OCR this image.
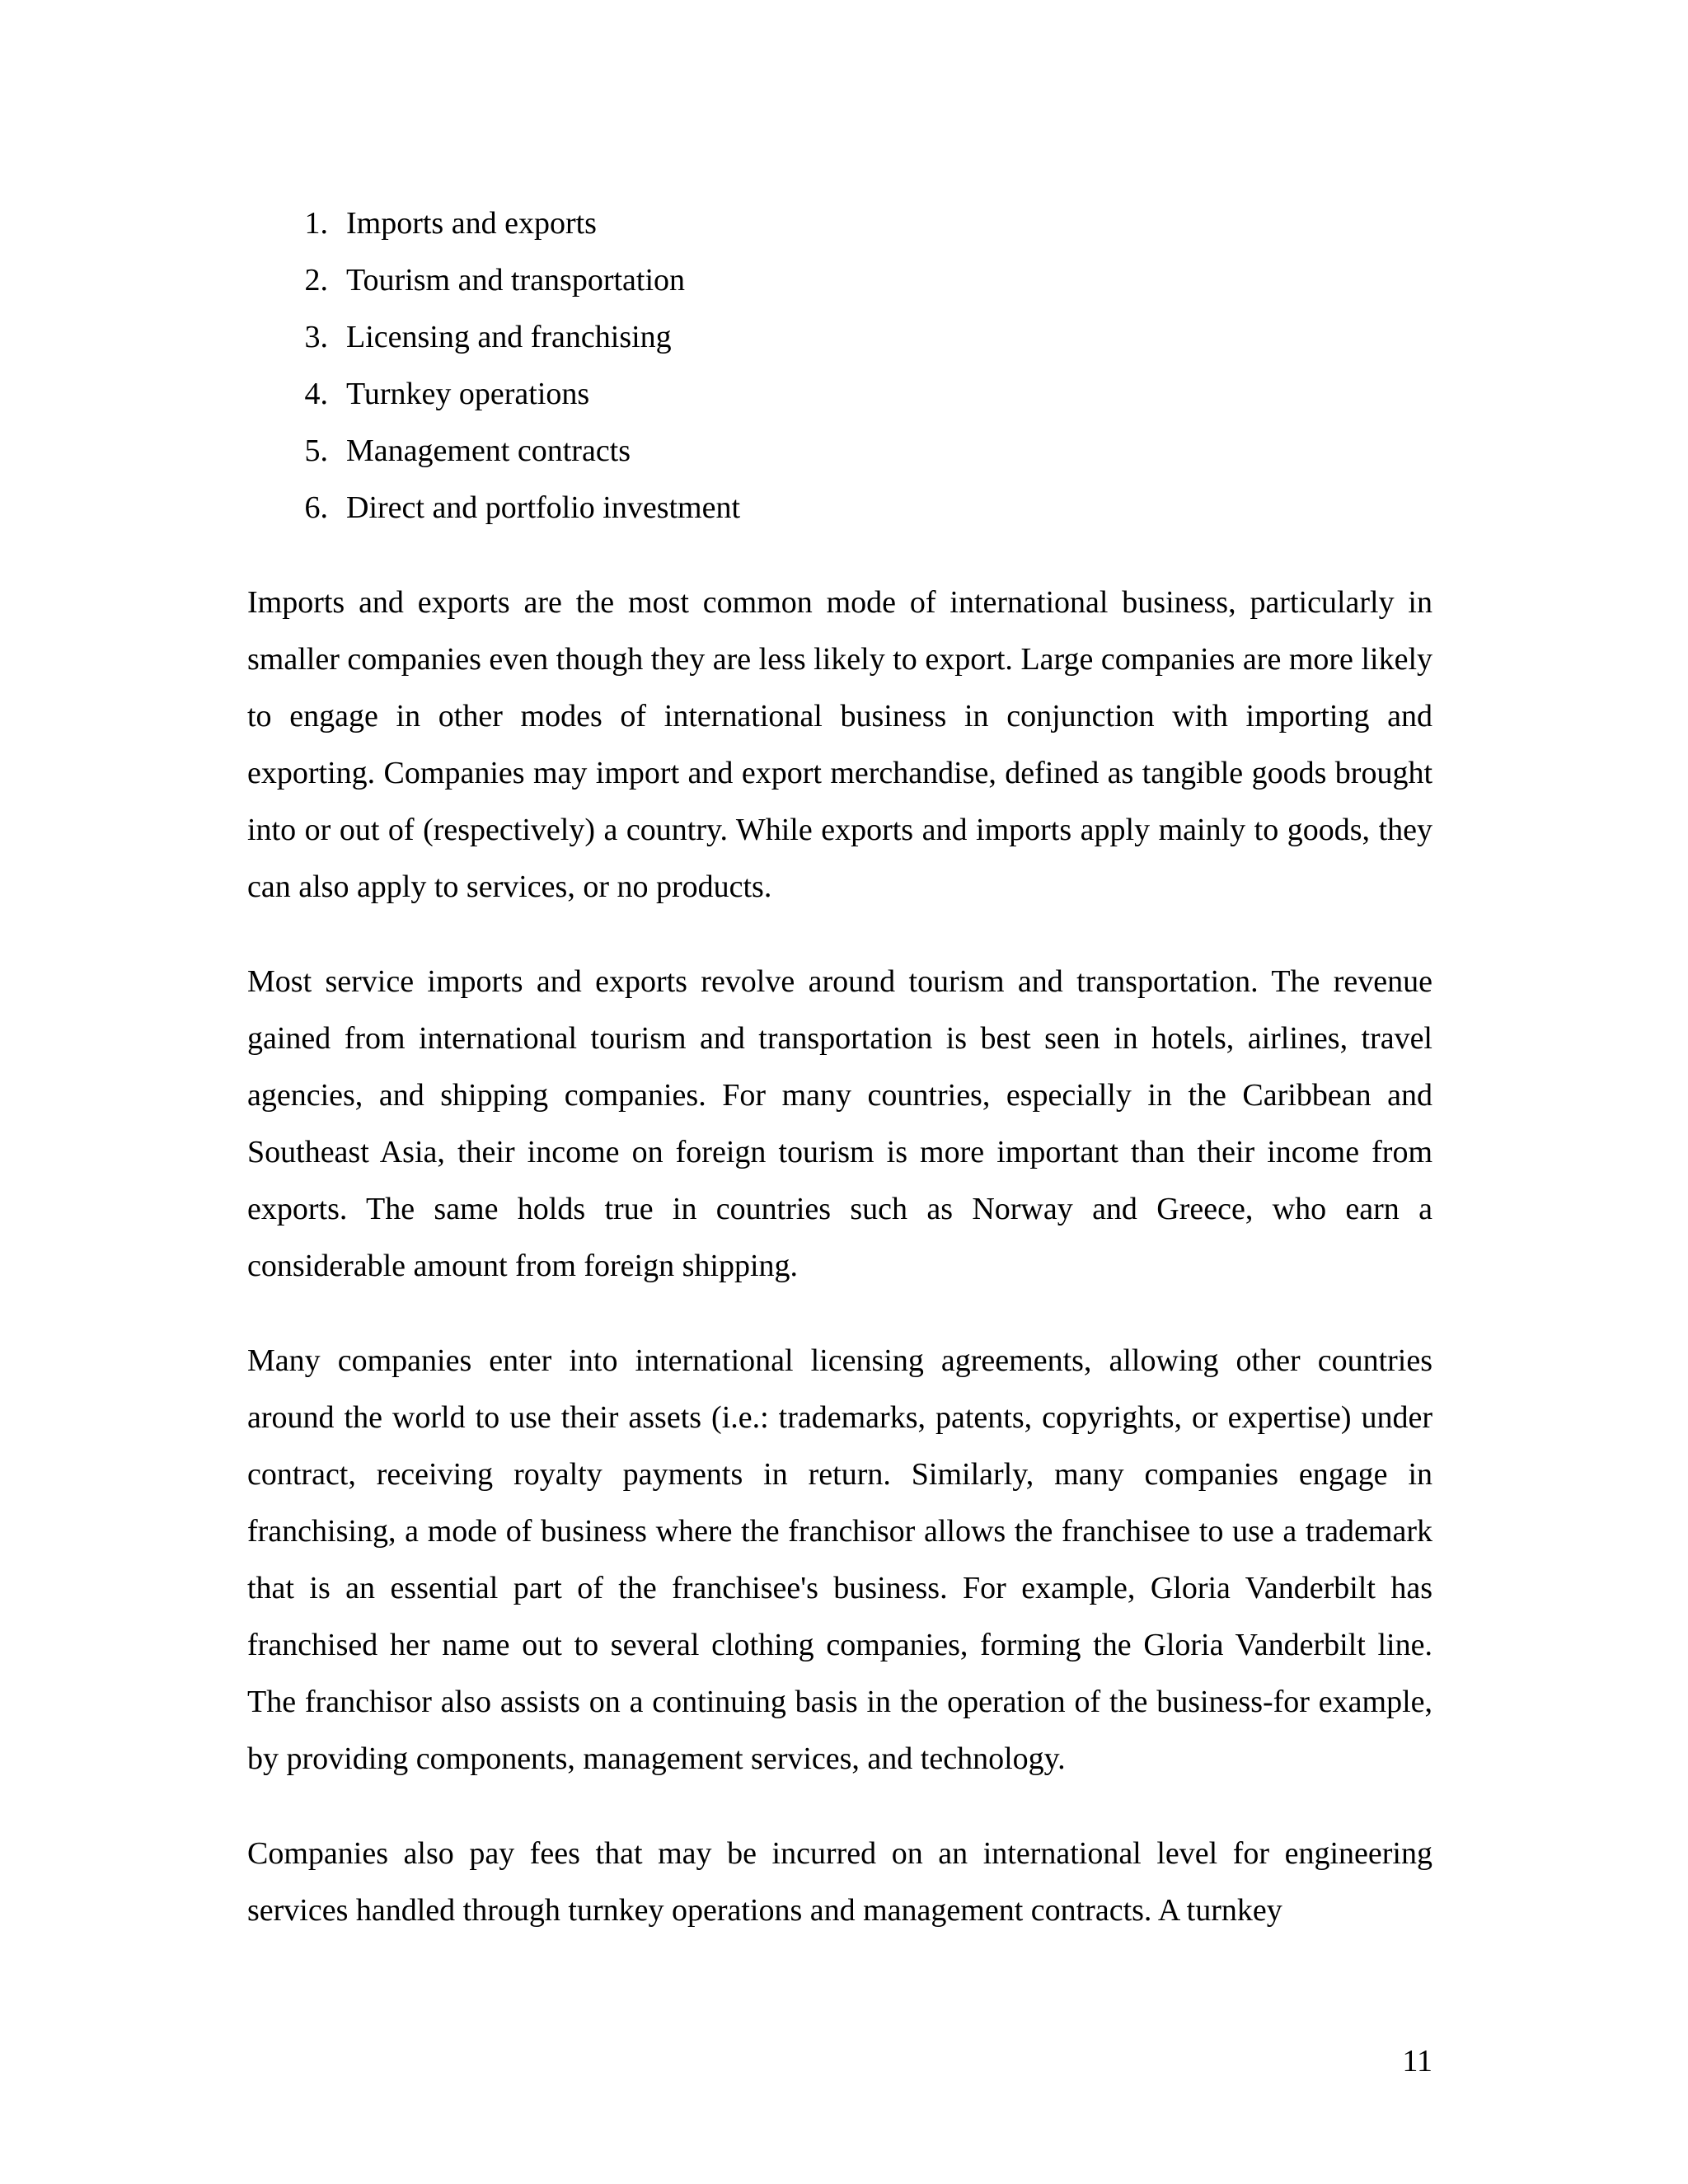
1. Imports and exports
2. Tourism and transportation
3. Licensing and franchising
4. Turnkey operations
5. Management contracts
6. Direct and portfolio investment

Imports and exports are the most common mode of international business, particularly in smaller companies even though they are less likely to export. Large companies are more likely to engage in other modes of international business in conjunction with importing and exporting. Companies may import and export merchandise, defined as tangible goods brought into or out of (respectively) a country. While exports and imports apply mainly to goods, they can also apply to services, or no products.

Most service imports and exports revolve around tourism and transportation. The revenue gained from international tourism and transportation is best seen in hotels, airlines, travel agencies, and shipping companies. For many countries, especially in the Caribbean and Southeast Asia, their income on foreign tourism is more important than their income from exports. The same holds true in countries such as Norway and Greece, who earn a considerable amount from foreign shipping.

Many companies enter into international licensing agreements, allowing other countries around the world to use their assets (i.e.: trademarks, patents, copyrights, or expertise) under contract, receiving royalty payments in return. Similarly, many companies engage in franchising, a mode of business where the franchisor allows the franchisee to use a trademark that is an essential part of the franchisee's business. For example, Gloria Vanderbilt has franchised her name out to several clothing companies, forming the Gloria Vanderbilt line. The franchisor also assists on a continuing basis in the operation of the business-for example, by providing components, management services, and technology.

Companies also pay fees that may be incurred on an international level for engineering services handled through turnkey operations and management contracts. A turnkey

11
